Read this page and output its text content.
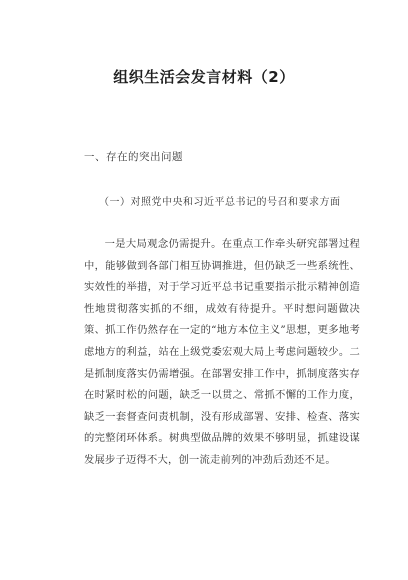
组织生活会发言材料（2）
一、存在的突出问题
（一）对照党中央和习近平总书记的号召和要求方面

一是大局观念仍需提升。在重点工作牵头研究部署过程中，能够做到各部门相互协调推进，但仍缺乏一些系统性、实效性的举措，对于学习近平总书记重要指示批示精神创造性地贯彻落实抓的不细，成效有待提升。平时想问题做决策、抓工作仍然存在一定的“地方本位主义”思想，更多地考虑地方的利益，站在上级党委宏观大局上考虑问题较少。二是抓制度落实仍需增强。在部署安排工作中，抓制度落实存在时紧时松的问题，缺乏一以贯之、常抓不懈的工作力度，缺乏一套督查问责机制，没有形成部署、安排、检查、落实的完整闭环体系。树典型做品牌的效果不够明显，抓建设谋发展步子迈得不大，创一流走前列的冲劲后劲还不足。
